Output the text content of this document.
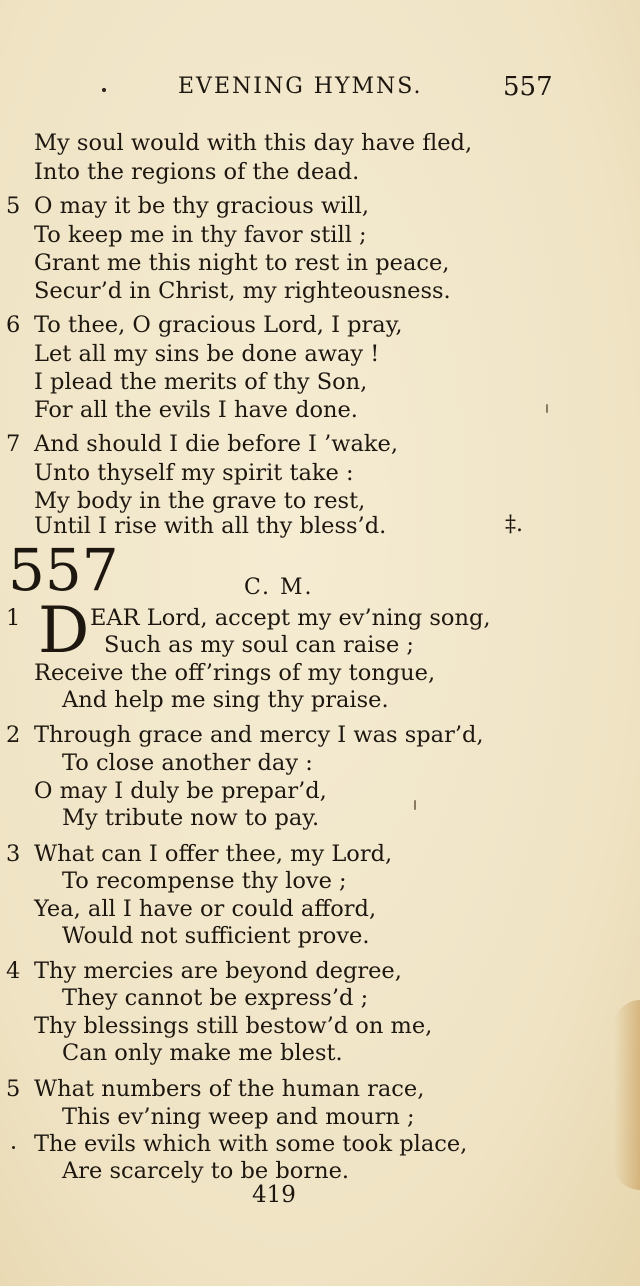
EVENING HYMNS.	557
My soul would with this day have fled,
Into the regions of the dead.
5 O may it be thy gracious will,
To keep me in thy favor still ;
Grant me this night to rest in peace,
Secur’d in Christ, my righteousness.
6 To thee, O gracious Lord, I pray,
Let all my sins be done away !
I plead the merits of thy Son,
For all the evils I have done.
7 And should I die before I ’wake,
Unto thyself my spirit take :
My body in the grave to rest,
Until I rise with all thy bless’d.	‡.
557	C. M.
1 D EAR Lord, accept my ev’ning song,
Such as my soul can raise ;
Receive the off’rings of my tongue,
And help me sing thy praise.
2 Through grace and mercy I was spar’d,
To close another day :
O may I duly be prepar’d,
My tribute now to pay.
3 What can I offer thee, my Lord,
To recompense thy love ;
Yea, all I have or could afford,
Would not sufficient prove.
4 Thy mercies are beyond degree,
They cannot be express’d ;
Thy blessings still bestow’d on me,
Can only make me blest.
5 What numbers of the human race,
This ev’ning weep and mourn ;
The evils which with some took place,
Are scarcely to be borne.
419
